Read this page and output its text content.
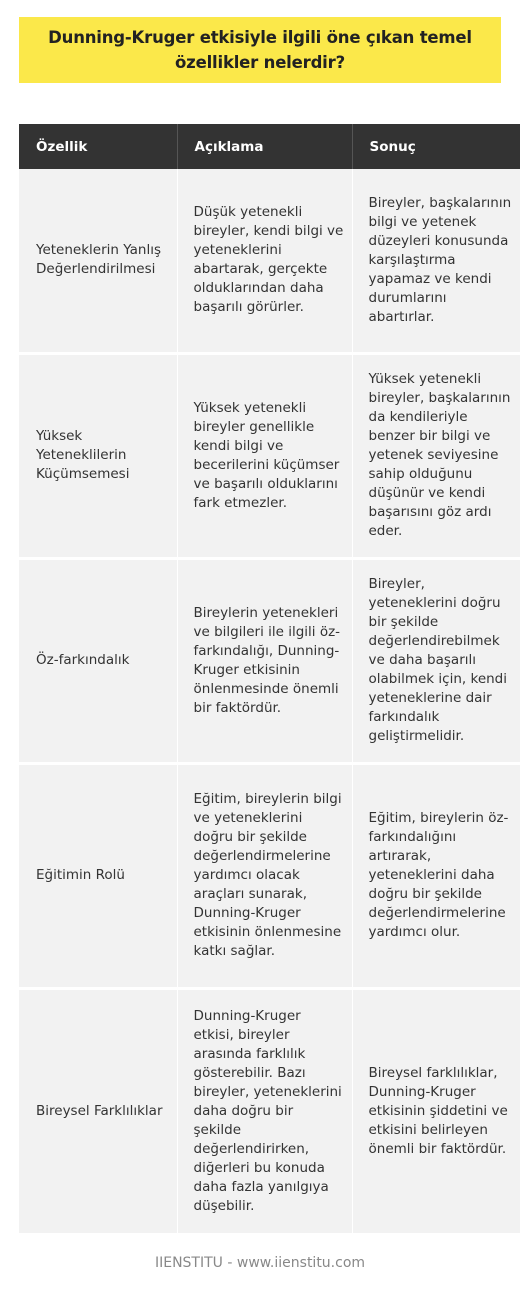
Dunning-Kruger etkisiyle ilgili öne çıkan temel özellikler nelerdir?
Özellik	Açıklama	Sonuç
Yeteneklerin Yanlış Değerlendirilmesi	Düşük yetenekli bireyler, kendi bilgi ve yeteneklerini abartarak, gerçekte olduklarından daha başarılı görürler.	Bireyler, başkalarının bilgi ve yetenek düzeyleri konusunda karşılaştırma yapamaz ve kendi durumlarını abartırlar.
Yüksek Yeteneklilerin Küçümsemesi	Yüksek yetenekli bireyler genellikle kendi bilgi ve becerilerini küçümser ve başarılı olduklarını fark etmezler.	Yüksek yetenekli bireyler, başkalarının da kendileriyle benzer bir bilgi ve yetenek seviyesine sahip olduğunu düşünür ve kendi başarısını göz ardı eder.
Öz-farkındalık	Bireylerin yetenekleri ve bilgileri ile ilgili öz-farkındalığı, Dunning-Kruger etkisinin önlenmesinde önemli bir faktördür.	Bireyler, yeteneklerini doğru bir şekilde değerlendirebilmek ve daha başarılı olabilmek için, kendi yeteneklerine dair farkındalık geliştirmelidir.
Eğitimin Rolü	Eğitim, bireylerin bilgi ve yeteneklerini doğru bir şekilde değerlendirmelerine yardımcı olacak araçları sunarak, Dunning-Kruger etkisinin önlenmesine katkı sağlar.	Eğitim, bireylerin öz-farkındalığını artırarak, yeteneklerini daha doğru bir şekilde değerlendirmelerine yardımcı olur.
Bireysel Farklılıklar	Dunning-Kruger etkisi, bireyler arasında farklılık gösterebilir. Bazı bireyler, yeteneklerini daha doğru bir şekilde değerlendirirken, diğerleri bu konuda daha fazla yanılgıya düşebilir.	Bireysel farklılıklar, Dunning-Kruger etkisinin şiddetini ve etkisini belirleyen önemli bir faktördür.
IIENSTITU - www.iienstitu.com
